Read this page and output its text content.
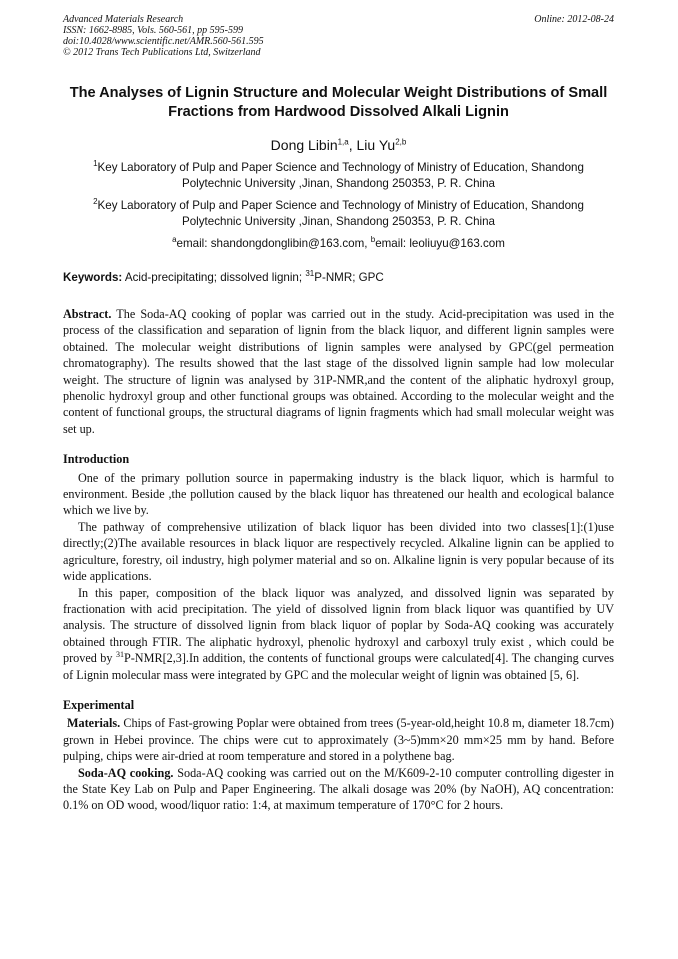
Advanced Materials Research
ISSN: 1662-8985, Vols. 560-561, pp 595-599
doi:10.4028/www.scientific.net/AMR.560-561.595
© 2012 Trans Tech Publications Ltd, Switzerland
Online: 2012-08-24
The Analyses of Lignin Structure and Molecular Weight Distributions of Small Fractions from Hardwood Dissolved Alkali Lignin
Dong Libin$^{1,a}$, Liu Yu$^{2,b}$
$^1$Key Laboratory of Pulp and Paper Science and Technology of Ministry of Education, Shandong Polytechnic University ,Jinan, Shandong 250353, P. R. China
$^2$Key Laboratory of Pulp and Paper Science and Technology of Ministry of Education, Shandong Polytechnic University ,Jinan, Shandong 250353, P. R. China
$^a$email: shandongdonglibin@163.com, $^b$email: leoliuyu@163.com
Keywords: Acid-precipitating; dissolved lignin; $^{31}$P-NMR; GPC
Abstract. The Soda-AQ cooking of poplar was carried out in the study. Acid-precipitation was used in the process of the classification and separation of lignin from the black liquor, and different lignin samples were obtained. The molecular weight distributions of lignin samples were analysed by GPC(gel permeation chromatography). The results showed that the last stage of the dissolved lignin sample had low molecular weight. The structure of lignin was analysed by 31P-NMR,and the content of the aliphatic hydroxyl group, phenolic hydroxyl group and other functional groups was obtained. According to the molecular weight and the content of functional groups, the structural diagrams of lignin fragments which had small molecular weight was set up.
Introduction

One of the primary pollution source in papermaking industry is the black liquor, which is harmful to environment. Beside ,the pollution caused by the black liquor has threatened our health and ecological balance which we live by.

The pathway of comprehensive utilization of black liquor has been divided into two classes[1]:(1)use directly;(2)The available resources in black liquor are respectively recycled. Alkaline lignin can be applied to agriculture, forestry, oil industry, high polymer material and so on. Alkaline lignin is very popular because of its wide applications.

In this paper, composition of the black liquor was analyzed, and dissolved lignin was separated by fractionation with acid precipitation. The yield of dissolved lignin from black liquor was quantified by UV analysis. The structure of dissolved lignin from black liquor of poplar by Soda-AQ cooking was accurately obtained through FTIR. The aliphatic hydroxyl, phenolic hydroxyl and carboxyl truly exist , which could be proved by $^{31}$P-NMR[2,3].In addition, the contents of functional groups were calculated[4]. The changing curves of Lignin molecular mass were integrated by GPC and the molecular weight of lignin was obtained [5, 6].

Experimental

Materials. Chips of Fast-growing Poplar were obtained from trees (5-year-old,height 10.8 m, diameter 18.7cm) grown in Hebei province. The chips were cut to approximately (3~5)mm×20 mm×25 mm by hand. Before pulping, chips were air-dried at room temperature and stored in a polythene bag.

Soda-AQ cooking. Soda-AQ cooking was carried out on the M/K609-2-10 computer controlling digester in the State Key Lab on Pulp and Paper Engineering. The alkali dosage was 20% (by NaOH), AQ concentration: 0.1% on OD wood, wood/liquor ratio: 1:4, at maximum temperature of 170°C for 2 hours.
